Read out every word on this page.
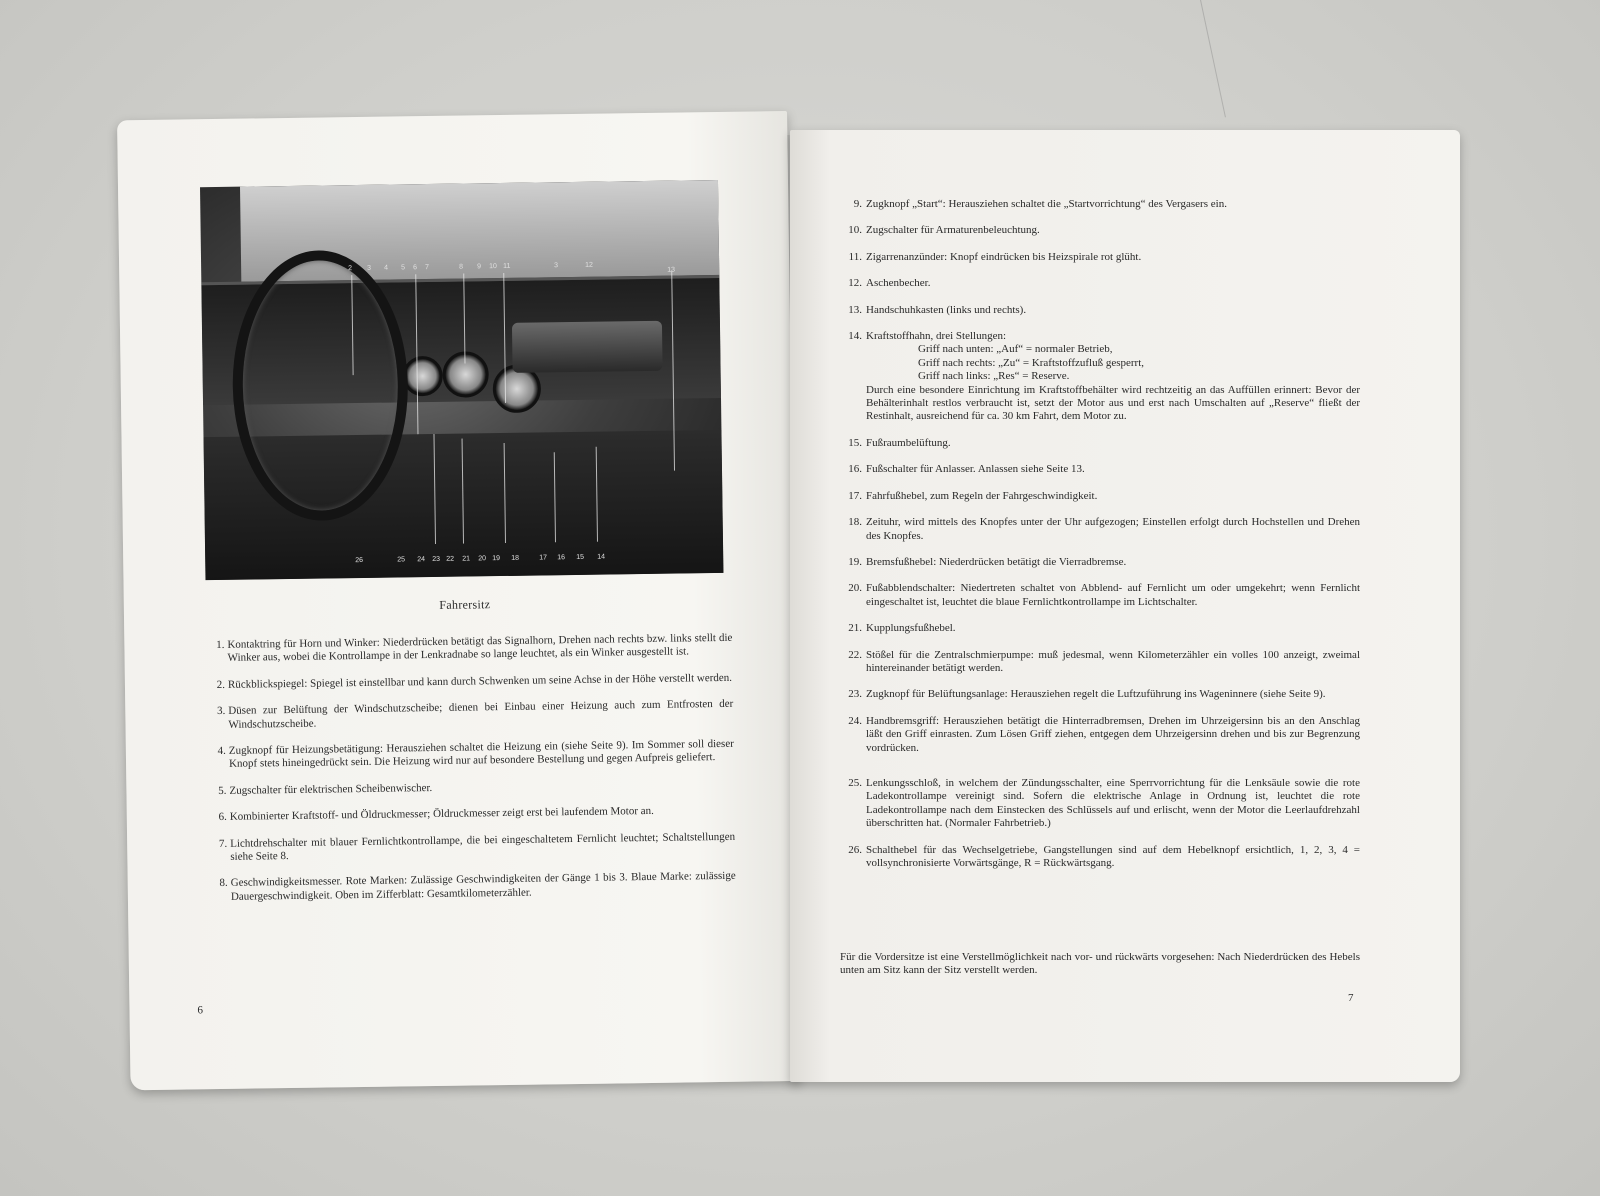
2 3 4 5 6 7	8 9 10 11	3	12
13
26	25 24 23 22 21 20 19 18	17 16 15 14
Fahrersitz
1. Kontaktring für Horn und Winker: Niederdrücken betätigt das Signalhorn, Drehen nach rechts bzw. links stellt die Winker aus, wobei die Kontrollampe in der Lenkradnabe so lange leuchtet, als ein Winker ausgestellt ist.
2. Rückblickspiegel: Spiegel ist einstellbar und kann durch Schwenken um seine Achse in der Höhe verstellt werden.
3. Düsen zur Belüftung der Windschutzscheibe; dienen bei Einbau einer Heizung auch zum Entfrosten der Windschutzscheibe.
4. Zugknopf für Heizungsbetätigung: Herausziehen schaltet die Heizung ein (siehe Seite 9). Im Sommer soll dieser Knopf stets hineingedrückt sein. Die Heizung wird nur auf besondere Bestellung und gegen Aufpreis geliefert.
5. Zugschalter für elektrischen Scheibenwischer.
6. Kombinierter Kraftstoff- und Öldruckmesser; Öldruckmesser zeigt erst bei laufendem Motor an.
7. Lichtdrehschalter mit blauer Fernlichtkontrollampe, die bei eingeschaltetem Fernlicht leuchtet; Schaltstellungen siehe Seite 8.
8. Geschwindigkeitsmesser. Rote Marken: Zulässige Geschwindigkeiten der Gänge 1 bis 3. Blaue Marke: zulässige Dauergeschwindigkeit. Oben im Zifferblatt: Gesamtkilometerzähler.
6
9. Zugknopf „Start“: Herausziehen schaltet die „Startvorrichtung“ des Vergasers ein.
10. Zugschalter für Armaturenbeleuchtung.
11. Zigarrenanzünder: Knopf eindrücken bis Heizspirale rot glüht.
12. Aschenbecher.
13. Handschuhkasten (links und rechts).
14. Kraftstoffhahn, drei Stellungen:
Griff nach unten: „Auf“ = normaler Betrieb,
Griff nach rechts: „Zu“ = Kraftstoffzufluß gesperrt,
Griff nach links: „Res“ = Reserve.
Durch eine besondere Einrichtung im Kraftstoffbehälter wird rechtzeitig an das Auffüllen erinnert: Bevor der Behälterinhalt restlos verbraucht ist, setzt der Motor aus und erst nach Umschalten auf „Reserve“ fließt der Restinhalt, ausreichend für ca. 30 km Fahrt, dem Motor zu.
15. Fußraumbelüftung.
16. Fußschalter für Anlasser. Anlassen siehe Seite 13.
17. Fahrfußhebel, zum Regeln der Fahrgeschwindigkeit.
18. Zeituhr, wird mittels des Knopfes unter der Uhr aufgezogen; Einstellen erfolgt durch Hochstellen und Drehen des Knopfes.
19. Bremsfußhebel: Niederdrücken betätigt die Vierradbremse.
20. Fußabblendschalter: Niedertreten schaltet von Abblend- auf Fernlicht um oder umgekehrt; wenn Fernlicht eingeschaltet ist, leuchtet die blaue Fernlichtkontrollampe im Lichtschalter.
21. Kupplungsfußhebel.
22. Stößel für die Zentralschmierpumpe: muß jedesmal, wenn Kilometerzähler ein volles 100 anzeigt, zweimal hintereinander betätigt werden.
23. Zugknopf für Belüftungsanlage: Herausziehen regelt die Luftzuführung ins Wageninnere (siehe Seite 9).
24. Handbremsgriff: Herausziehen betätigt die Hinterradbremsen, Drehen im Uhrzeigersinn bis an den Anschlag läßt den Griff einrasten. Zum Lösen Griff ziehen, entgegen dem Uhrzeigersinn drehen und bis zur Begrenzung vordrücken.
25. Lenkungsschloß, in welchem der Zündungsschalter, eine Sperrvorrichtung für die Lenksäule sowie die rote Ladekontrollampe vereinigt sind. Sofern die elektrische Anlage in Ordnung ist, leuchtet die rote Ladekontrollampe nach dem Einstecken des Schlüssels auf und erlischt, wenn der Motor die Leerlaufdrehzahl überschritten hat. (Normaler Fahrbetrieb.)
26. Schalthebel für das Wechselgetriebe, Gangstellungen sind auf dem Hebelknopf ersichtlich, 1, 2, 3, 4 = vollsynchronisierte Vorwärtsgänge, R = Rückwärtsgang.

Für die Vordersitze ist eine Verstellmöglichkeit nach vor- und rückwärts vorgesehen: Nach Niederdrücken des Hebels unten am Sitz kann der Sitz verstellt werden.

7
